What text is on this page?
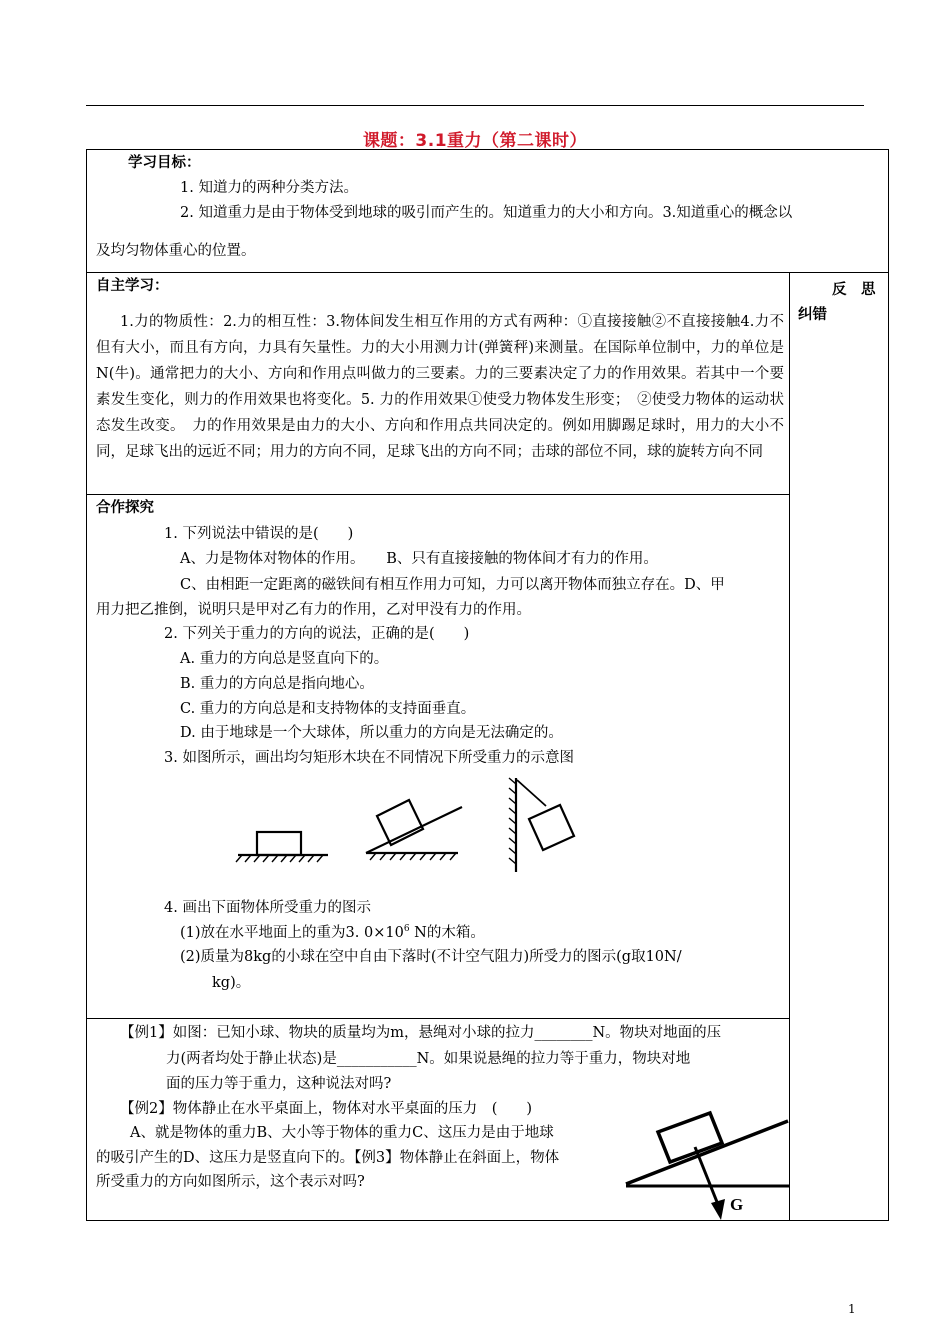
课题：3.1重力（第二课时）
学习目标：
1. 知道力的两种分类方法。
2. 知道重力是由于物体受到地球的吸引而产生的。知道重力的大小和方向。3.知道重心的概念以
及均匀物体重心的位置。
反　思
纠错
自主学习：
1.力的物质性：2.力的相互性：3.物体间发生相互作用的方式有两种：①直接接触②不直接接触4.力不但有大小，而且有方向，力具有矢量性。力的大小用测力计(弹簧秤)来测量。在国际单位制中，力的单位是N(牛)。通常把力的大小、方向和作用点叫做力的三要素。力的三要素决定了力的作用效果。若其中一个要素发生变化，则力的作用效果也将变化。5. 力的作用效果①使受力物体发生形变；　②使受力物体的运动状态发生改变。　力的作用效果是由力的大小、方向和作用点共同决定的。例如用脚踢足球时，用力的大小不同，足球飞出的远近不同；用力的方向不同，足球飞出的方向不同；击球的部位不同，球的旋转方向不同
合作探究
1. 下列说法中错误的是(　　)
A、力是物体对物体的作用。　　B、只有直接接触的物体间才有力的作用。
C、由相距一定距离的磁铁间有相互作用力可知，力可以离开物体而独立存在。D、甲
用力把乙推倒，说明只是甲对乙有力的作用，乙对甲没有力的作用。
2. 下列关于重力的方向的说法，正确的是(　　)
A. 重力的方向总是竖直向下的。
B. 重力的方向总是指向地心。
C. 重力的方向总是和支持物体的支持面垂直。
D. 由于地球是一个大球体，所以重力的方向是无法确定的。
3. 如图所示，画出均匀矩形木块在不同情况下所受重力的示意图
4. 画出下面物体所受重力的图示
(1)放在水平地面上的重为3. $0\times 10^6$ N的木箱。
(2)质量为8kg的小球在空中自由下落时(不计空气阻力)所受力的图示(g取10N/
kg)。
【例1】如图：已知小球、物块的质量均为m，悬绳对小球的拉力________N。物块对地面的压
力(两者均处于静止状态)是___________N。如果说悬绳的拉力等于重力，物块对地
面的压力等于重力，这种说法对吗?
【例2】物体静止在水平桌面上，物体对水平桌面的压力　(　　)
A、就是物体的重力B、大小等于物体的重力C、这压力是由于地球
的吸引产生的D、这压力是竖直向下的。【例3】物体静止在斜面上，物体
所受重力的方向如图所示，这个表示对吗?
G
1
